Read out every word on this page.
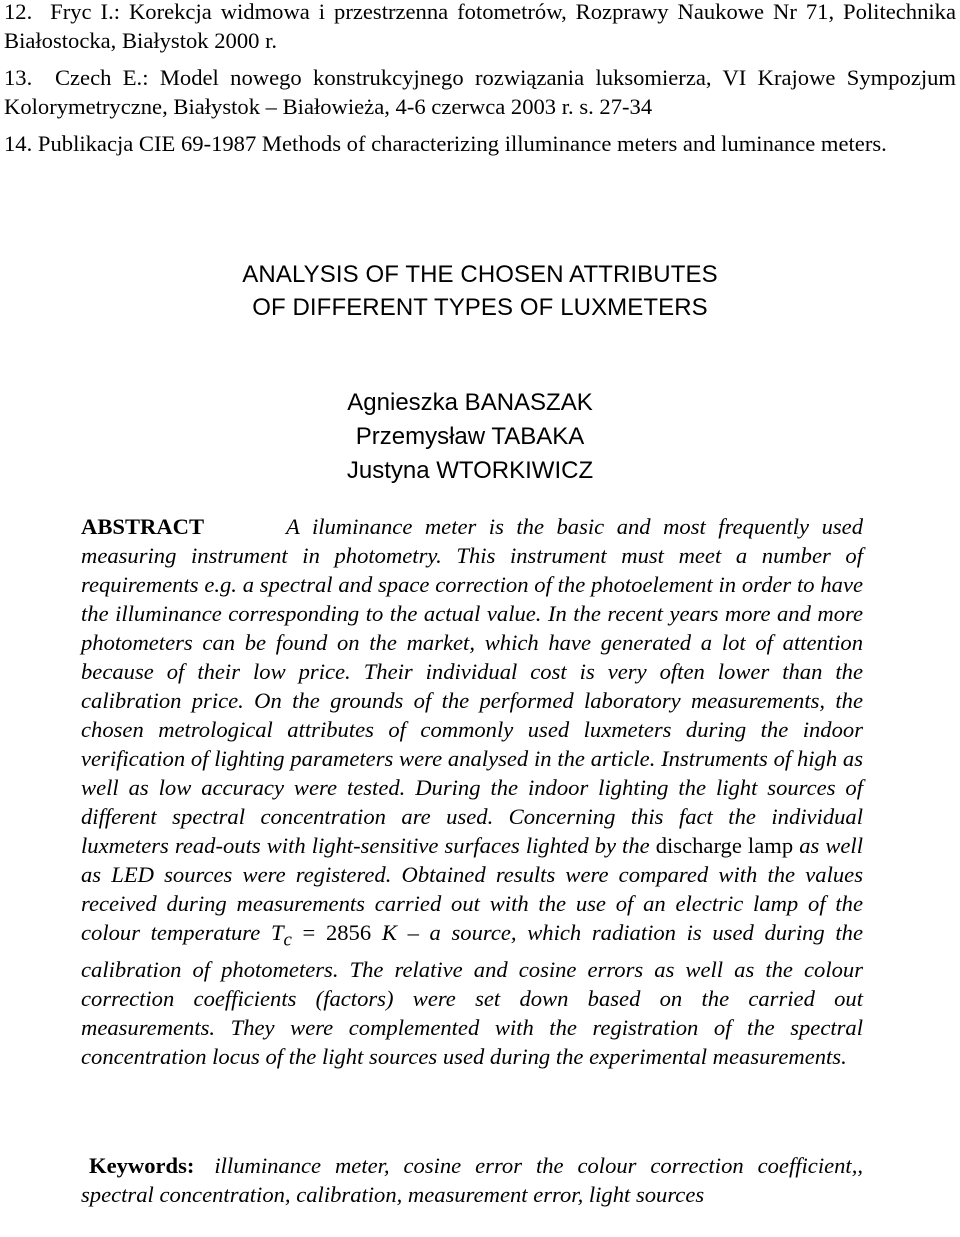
12. Fryc I.: Korekcja widmowa i przestrzenna fotometrów, Rozprawy Naukowe Nr 71, Politechnika Białostocka, Białystok 2000 r.

13. Czech E.: Model nowego konstrukcyjnego rozwiązania luksomierza, VI Krajowe Sympozjum Kolorymetryczne, Białystok – Białowieża, 4-6 czerwca 2003 r. s. 27-34

14. Publikacja CIE 69-1987 Methods of characterizing illuminance meters and luminance meters.

ANALYSIS OF THE CHOSEN ATTRIBUTES
OF DIFFERENT TYPES OF LUXMETERS
Agnieszka BANASZAK
Przemysław TABAKA
Justyna WTORKIWICZ
ABSTRACT	A iluminance meter is the basic and most frequently used measuring instrument in photometry. This instrument must meet a number of requirements e.g. a spectral and space correction of the photoelement in order to have the illuminance corresponding to the actual value. In the recent years more and more photometers can be found on the market, which have generated a lot of attention because of their low price. Their individual cost is very often lower than the calibration price. On the grounds of the performed laboratory measurements, the chosen metrological attributes of commonly used luxmeters during the indoor verification of lighting parameters were analysed in the article. Instruments of high as well as low accuracy were tested. During the indoor lighting the light sources of different spectral concentration are used. Concerning this fact the individual luxmeters read-outs with light-sensitive surfaces lighted by the discharge lamp as well as LED sources were registered. Obtained results were compared with the values received during measurements carried out with the use of an electric lamp of the colour temperature $T_c = 2856$ K – a source, which radiation is used during the calibration of photometers. The relative and cosine errors as well as the colour correction coefficients (factors) were set down based on the carried out measurements. They were complemented with the registration of the spectral concentration locus of the light sources used during the experimental measurements.
Keywords: illuminance meter, cosine error the colour correction coefficient,, spectral concentration, calibration, measurement error, light sources
